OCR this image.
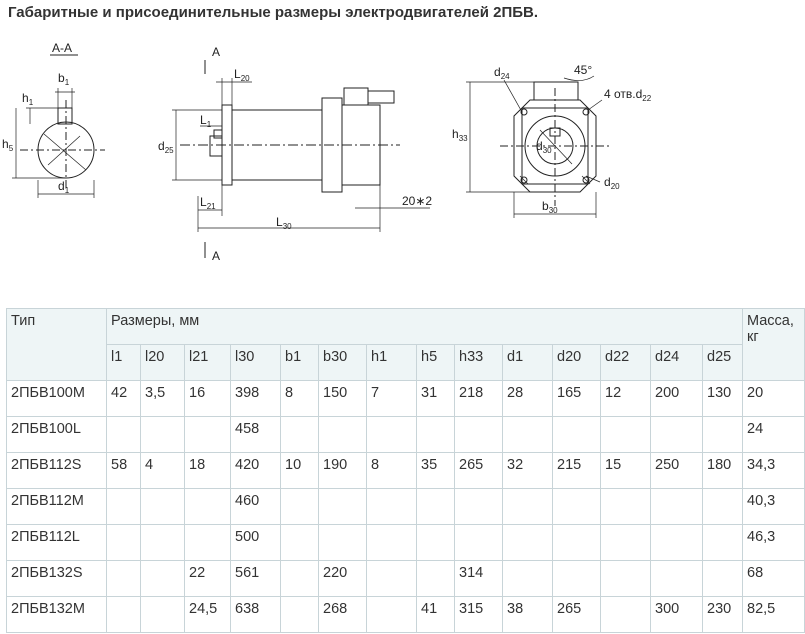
Габаритные и присоединительные размеры электродвигателей 2ПБВ.
А-А
$b_1$
$h_1$
$h_5$
$d_1$
A
A
$L_{20}$
$L_1$
$d_{25}$
$L_{21}$
$L_{30}$
20∗2
$d_{24}$	45°
4 $отв.d_{22}$
$h_{33}$
$d_{30}$
$d_{20}$
$b_{30}$
Тип	Размеры, мм														Масса, кг
	l1	l20	l21	l30	b1	b30	h1	h5	h33	d1	d20	d22	d24	d25	
2ПБВ100М	42	3,5	16	398	8	150	7	31	218	28	165	12	200	130	20
2ПБВ100L				458											24
2ПБВ112S	58	4	18	420	10	190	8	35	265	32	215	15	250	180	34,3
2ПБВ112М				460											40,3
2ПБВ112L				500											46,3
2ПБВ132S			22	561		220			314						68
2ПБВ132М			24,5	638		268		41	315	38	265		300	230	82,5
